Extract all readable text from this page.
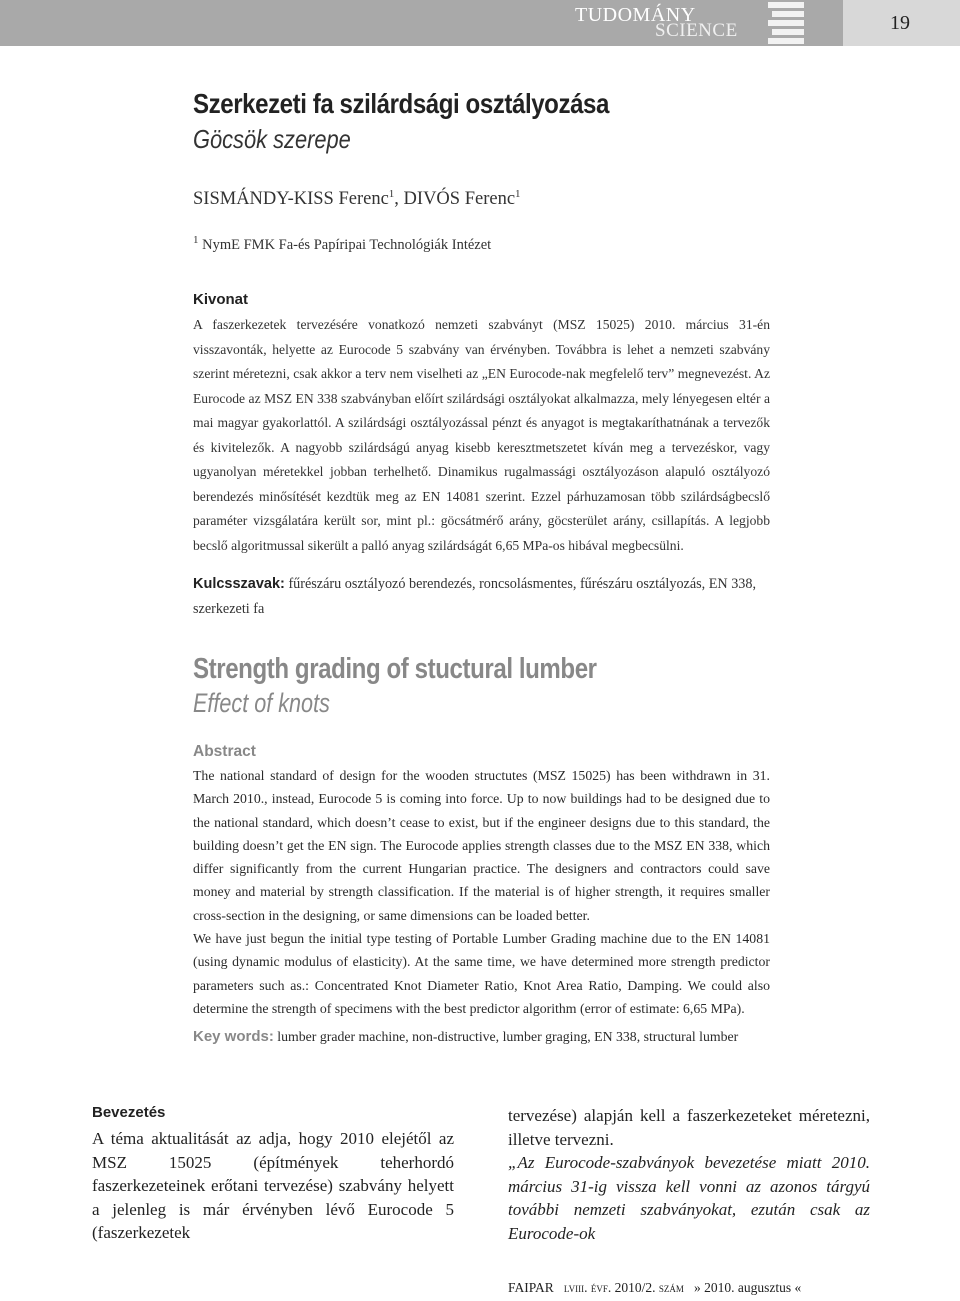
TUDOMÁNY
SCIENCE	19
Szerkezeti fa szilárdsági osztályozása
Göcsök szerepe
SISMÁNDY-KISS Ferenc$^1$, DIVÓS Ferenc$^1$
$^1$ NymE FMK Fa-és Papíripai Technológiák Intézet
Kivonat
A faszerkezetek tervezésére vonatkozó nemzeti szabványt (MSZ 15025) 2010. március 31-én visszavonták, helyette az Eurocode 5 szabvány van érvényben. Továbbra is lehet a nemzeti szabvány szerint méretezni, csak akkor a terv nem viselheti az „EN Eurocode-nak megfelelő terv” megnevezést. Az Eurocode az MSZ EN 338 szabványban előírt szilárdsági osztályokat alkalmazza, mely lényegesen eltér a mai magyar gyakorlattól. A szilárdsági osztályozással pénzt és anyagot is megtakaríthatnának a tervezők és kivitelezők. A nagyobb szilárdságú anyag kisebb keresztmetszetet kíván meg a tervezéskor, vagy ugyanolyan méretekkel jobban terhelhető. Dinamikus rugalmassági osztályozáson alapuló osztályozó berendezés minősítését kezdtük meg az EN 14081 szerint. Ezzel párhuzamosan több szilárdságbecslő paraméter vizsgálatára került sor, mint pl.: göcsátmérő arány, göcsterület arány, csillapítás. A legjobb becslő algoritmussal sikerült a palló anyag szilárdságát 6,65 MPa-os hibával megbecsülni.
Kulcsszavak: fűrészáru osztályozó berendezés, roncsolásmentes, fűrészáru osztályozás, EN 338, szerkezeti fa
Strength grading of stuctural lumber
Effect of knots
Abstract

The national standard of design for the wooden structutes (MSZ 15025) has been withdrawn in 31. March 2010., instead, Eurocode 5 is coming into force. Up to now buildings had to be designed due to the national standard, which doesn’t cease to exist, but if the engineer designs due to this standard, the building doesn’t get the EN sign. The Eurocode applies strength classes due to the MSZ EN 338, which differ significantly from the current Hungarian practice. The designers and contractors could save money and material by strength classification. If the material is of higher strength, it requires smaller cross-section in the designing, or same dimensions can be loaded better.

We have just begun the initial type testing of Portable Lumber Grading machine due to the EN 14081 (using dynamic modulus of elasticity). At the same time, we have determined more strength predictor parameters such as.: Concentrated Knot Diameter Ratio, Knot Area Ratio, Damping. We could also determine the strength of specimens with the best predictor algorithm (error of estimate: 6,65 MPa).

Key words: lumber grader machine, non-distructive, lumber graging, EN 338, structural lumber
Bevezetés
A téma aktualitását az adja, hogy 2010 elejétől az MSZ 15025 (építmények teherhordó faszerkezeteinek erőtani tervezése) szabvány helyett a jelenleg is már érvényben lévő Eurocode 5 (faszerkezetek

tervezése) alapján kell a faszerkezeteket méretezni, illetve tervezni.

„Az Eurocode-szabványok bevezetése miatt 2010. március 31-ig vissza kell vonni az azonos tárgyú további nemzeti szabványokat, ezután csak az Eurocode-ok

FAIPAR lviii. évf. 2010/2. szám » 2010. augusztus «
